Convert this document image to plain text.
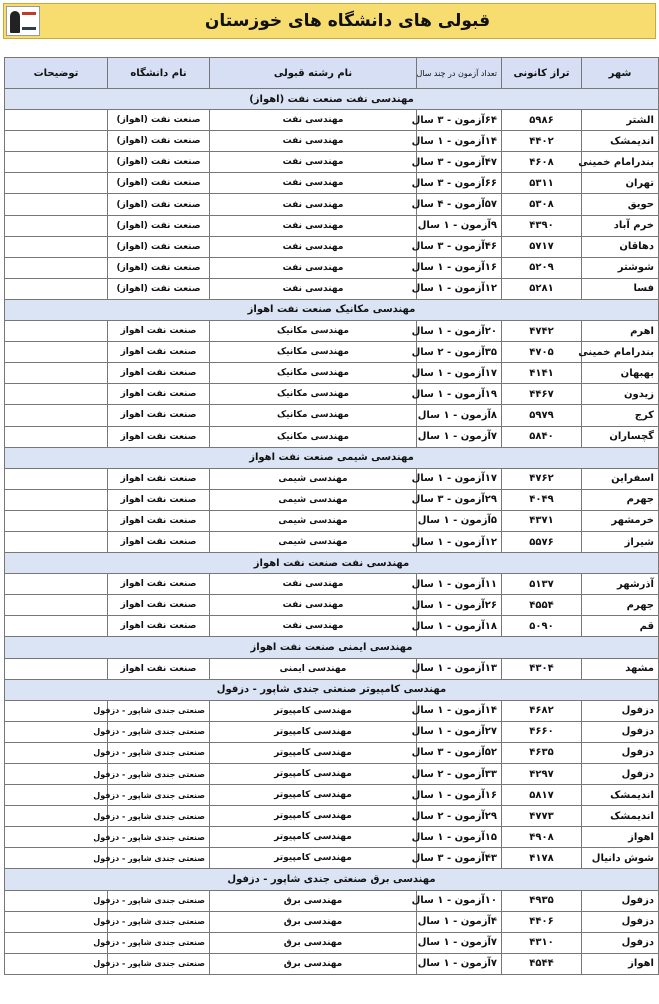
قبولی های دانشگاه های خوزستان
شهر	تراز کانونی	تعداد آزمون در چند سال	نام رشته قبولی	نام دانشگاه	توضیحات
مهندسی نفت صنعت نفت (اهواز)					
الشتر	۵۹۸۶	۶۴آزمون - ۳ سال	مهندسی نفت	صنعت نفت (اهواز)	
اندیمشک	۴۴۰۲	۱۴آزمون - ۱ سال	مهندسی نفت	صنعت نفت (اهواز)	
بندرامام خمینی	۴۶۰۸	۴۷آزمون - ۳ سال	مهندسی نفت	صنعت نفت (اهواز)	
تهران	۵۳۱۱	۶۶آزمون - ۳ سال	مهندسی نفت	صنعت نفت (اهواز)	
حویق	۵۳۰۸	۵۷آزمون - ۴ سال	مهندسی نفت	صنعت نفت (اهواز)	
خرم آباد	۴۳۹۰	۹آزمون - ۱ سال	مهندسی نفت	صنعت نفت (اهواز)	
دهاقان	۵۷۱۷	۴۶آزمون - ۳ سال	مهندسی نفت	صنعت نفت (اهواز)	
شوشتر	۵۲۰۹	۱۶آزمون - ۱ سال	مهندسی نفت	صنعت نفت (اهواز)	
فسا	۵۲۸۱	۱۲آزمون - ۱ سال	مهندسی نفت	صنعت نفت (اهواز)	
مهندسی مکانیک صنعت نفت اهواز					
اهرم	۴۷۴۲	۲۰آزمون - ۱ سال	مهندسی مکانیک	صنعت نفت اهواز	
بندرامام خمینی	۴۷۰۵	۳۵آزمون - ۲ سال	مهندسی مکانیک	صنعت نفت اهواز	
بهبهان	۴۱۴۱	۱۷آزمون - ۱ سال	مهندسی مکانیک	صنعت نفت اهواز	
زیدون	۴۴۶۷	۱۹آزمون - ۱ سال	مهندسی مکانیک	صنعت نفت اهواز	
کرج	۵۹۷۹	۸آزمون - ۱ سال	مهندسی مکانیک	صنعت نفت اهواز	
گچساران	۵۸۴۰	۷آزمون - ۱ سال	مهندسی مکانیک	صنعت نفت اهواز	
مهندسی شیمی صنعت نفت اهواز					
اسفراین	۴۷۶۲	۱۷آزمون - ۱ سال	مهندسی شیمی	صنعت نفت اهواز	
جهرم	۴۰۴۹	۲۹آزمون - ۳ سال	مهندسی شیمی	صنعت نفت اهواز	
خرمشهر	۴۳۷۱	۵آزمون - ۱ سال	مهندسی شیمی	صنعت نفت اهواز	
شیراز	۵۵۷۶	۱۲آزمون - ۱ سال	مهندسی شیمی	صنعت نفت اهواز	
مهندسی نفت صنعت نفت اهواز					
آذرشهر	۵۱۳۷	۱۱آزمون - ۱ سال	مهندسی نفت	صنعت نفت اهواز	
جهرم	۴۵۵۴	۲۶آزمون - ۱ سال	مهندسی نفت	صنعت نفت اهواز	
قم	۵۰۹۰	۱۸آزمون - ۱ سال	مهندسی نفت	صنعت نفت اهواز	
مهندسی ایمنی صنعت نفت اهواز					
مشهد	۴۳۰۴	۱۳آزمون - ۱ سال	مهندسی ایمنی	صنعت نفت اهواز	
مهندسی کامپیوتر صنعتی جندی شاپور - دزفول					
دزفول	۴۶۸۲	۱۴آزمون - ۱ سال	مهندسی کامپیوتر	صنعتی جندی شاپور - دزفول	
دزفول	۴۶۶۰	۲۷آزمون - ۱ سال	مهندسی کامپیوتر	صنعتی جندی شاپور - دزفول	
دزفول	۴۶۳۵	۵۲آزمون - ۳ سال	مهندسی کامپیوتر	صنعتی جندی شاپور - دزفول	
دزفول	۴۲۹۷	۳۳آزمون - ۲ سال	مهندسی کامپیوتر	صنعتی جندی شاپور - دزفول	
اندیمشک	۵۸۱۷	۱۶آزمون - ۱ سال	مهندسی کامپیوتر	صنعتی جندی شاپور - دزفول	
اندیمشک	۴۷۷۳	۲۹آزمون - ۲ سال	مهندسی کامپیوتر	صنعتی جندی شاپور - دزفول	
اهواز	۴۹۰۸	۱۵آزمون - ۱ سال	مهندسی کامپیوتر	صنعتی جندی شاپور - دزفول	
شوش دانیال	۴۱۷۸	۴۳آزمون - ۳ سال	مهندسی کامپیوتر	صنعتی جندی شاپور - دزفول	
مهندسی برق صنعتی جندی شاپور - دزفول					
دزفول	۴۹۳۵	۱۰آزمون - ۱ سال	مهندسی برق	صنعتی جندی شاپور - دزفول	
دزفول	۴۴۰۶	۴آزمون - ۱ سال	مهندسی برق	صنعتی جندی شاپور - دزفول	
دزفول	۴۳۱۰	۷آزمون - ۱ سال	مهندسی برق	صنعتی جندی شاپور - دزفول	
اهواز	۴۵۴۴	۷آزمون - ۱ سال	مهندسی برق	صنعتی جندی شاپور - دزفول	
